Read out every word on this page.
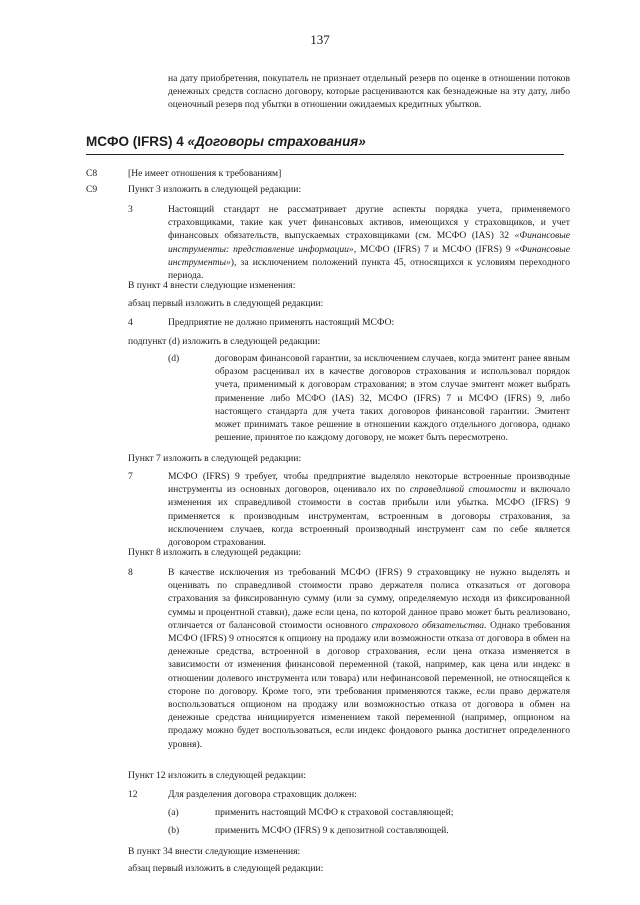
137
на дату приобретения, покупатель не признает отдельный резерв по оценке в отношении потоков денежных средств согласно договору, которые расцениваются как безнадежные на эту дату, либо оценочный резерв под убытки в отношении ожидаемых кредитных убытков.
МСФО (IFRS) 4 «Договоры страхования»
C8	[Не имеет отношения к требованиям]
C9	Пункт 3 изложить в следующей редакции:
3	Настоящий стандарт не рассматривает другие аспекты порядка учета, применяемого страховщиками, такие как учет финансовых активов, имеющихся у страховщиков, и учет финансовых обязательств, выпускаемых страховщиками (см. МСФО (IAS) 32 «Финансовые инструменты: представление информации», МСФО (IFRS) 7 и МСФО (IFRS) 9 «Финансовые инструменты»), за исключением положений пункта 45, относящихся к условиям переходного периода.
В пункт 4 внести следующие изменения:
абзац первый изложить в следующей редакции:
4	Предприятие не должно применять настоящий МСФО:
подпункт (d) изложить в следующей редакции:
(d)	договорам финансовой гарантии, за исключением случаев, когда эмитент ранее явным образом расценивал их в качестве договоров страхования и использовал порядок учета, применимый к договорам страхования; в этом случае эмитент может выбрать применение либо МСФО (IAS) 32, МСФО (IFRS) 7 и МСФО (IFRS) 9, либо настоящего стандарта для учета таких договоров финансовой гарантии. Эмитент может принимать такое решение в отношении каждого отдельного договора, однако решение, принятое по каждому договору, не может быть пересмотрено.
Пункт 7 изложить в следующей редакции:
7	МСФО (IFRS) 9 требует, чтобы предприятие выделяло некоторые встроенные производные инструменты из основных договоров, оценивало их по справедливой стоимости и включало изменения их справедливой стоимости в состав прибыли или убытка. МСФО (IFRS) 9 применяется к производным инструментам, встроенным в договоры страхования, за исключением случаев, когда встроенный производный инструмент сам по себе является договором страхования.
Пункт 8 изложить в следующей редакции:
8	В качестве исключения из требований МСФО (IFRS) 9 страховщику не нужно выделять и оценивать по справедливой стоимости право держателя полиса отказаться от договора страхования за фиксированную сумму (или за сумму, определяемую исходя из фиксированной суммы и процентной ставки), даже если цена, по которой данное право может быть реализовано, отличается от балансовой стоимости основного страхового обязательства. Однако требования МСФО (IFRS) 9 относятся к опциону на продажу или возможности отказа от договора в обмен на денежные средства, встроенной в договор страхования, если цена отказа изменяется в зависимости от изменения финансовой переменной (такой, например, как цена или индекс в отношении долевого инструмента или товара) или нефинансовой переменной, не относящейся к стороне по договору. Кроме того, эти требования применяются также, если право держателя воспользоваться опционом на продажу или возможностью отказа от договора в обмен на денежные средства инициируется изменением такой переменной (например, опционом на продажу можно будет воспользоваться, если индекс фондового рынка достигнет определенного уровня).
Пункт 12 изложить в следующей редакции:
12	Для разделения договора страховщик должен:
(a)	применить настоящий МСФО к страховой составляющей;
(b)	применить МСФО (IFRS) 9 к депозитной составляющей.
В пункт 34 внести следующие изменения:
абзац первый изложить в следующей редакции:
